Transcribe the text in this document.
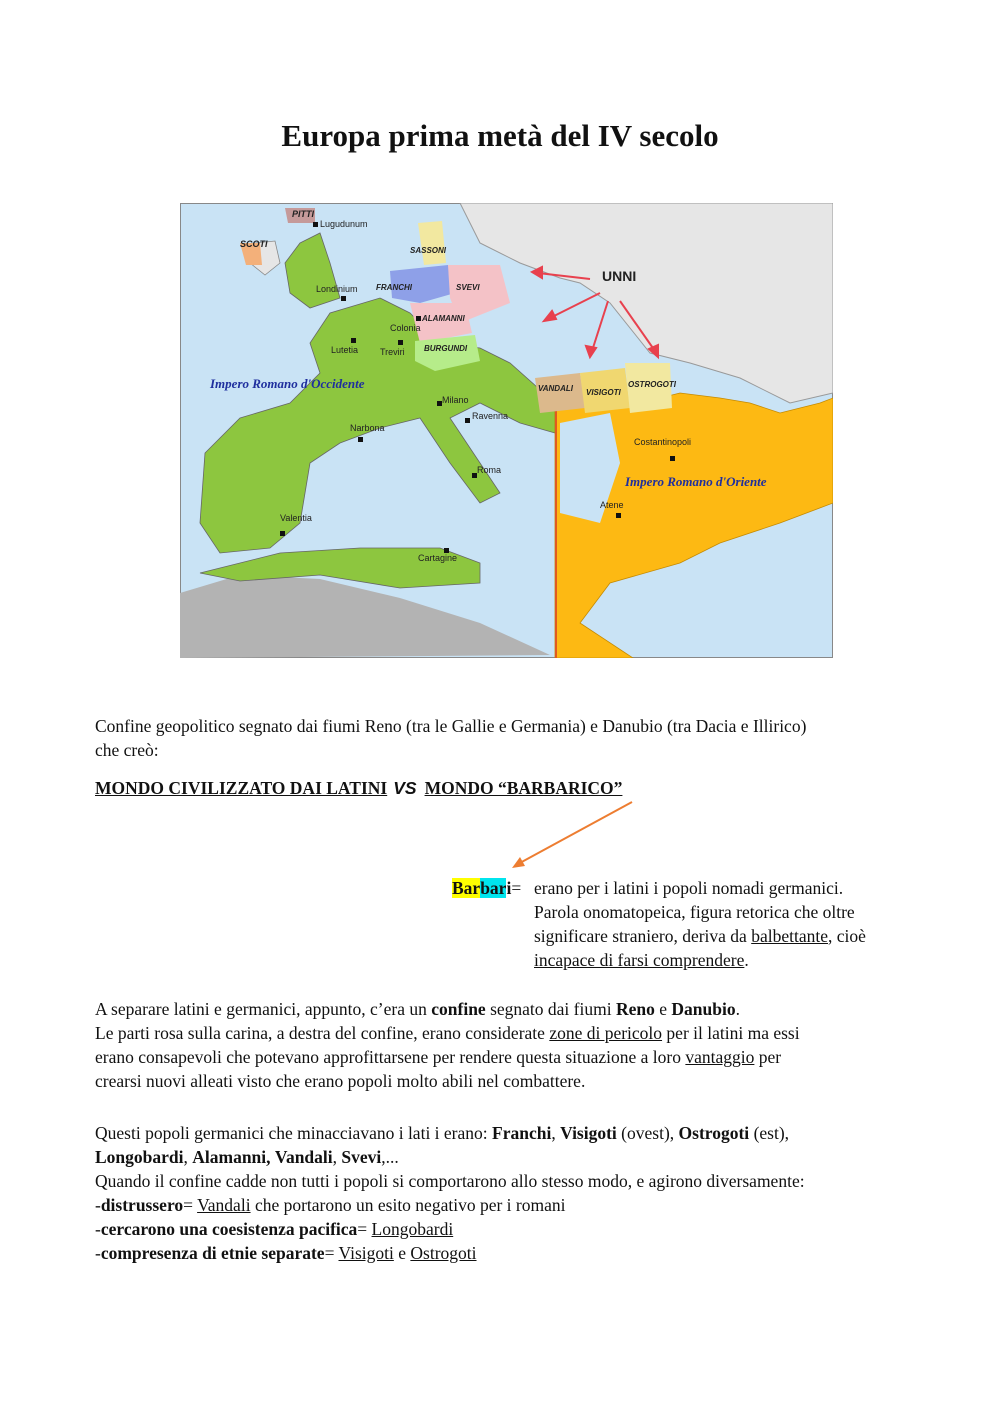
Europa prima metà del IV secolo
PITTI
SCOTI
SASSONI
FRANCHI	SVEVI
ALAMANNI
BURGUNDI
UNNI
VANDALI VISIGOTI
OSTROGOTI
Lugudunum
Londinium
Colonia
Lutetia Treviri
Milano
Ravenna
Narbona
Roma
Valentia
Cartagine
Costantinopoli
Atene
Impero Romano d'Occidente
Impero Romano d'Oriente
Confine geopolitico segnato dai fiumi Reno (tra le Gallie e Germania) e Danubio (tra Dacia e Illirico)
che creò:
MONDO CIVILIZZATO DAI LATINI VS MONDO “BARBARICO”
Barbari= erano per i latini i popoli nomadi germanici.
Parola onomatopeica, figura retorica che oltre
significare straniero, deriva da balbettante, cioè
incapace di farsi comprendere.
A separare latini e germanici, appunto, c’era un confine segnato dai fiumi Reno e Danubio.
Le parti rosa sulla carina, a destra del confine, erano considerate zone di pericolo per il latini ma essi
erano consapevoli che potevano approfittarsene per rendere questa situazione a loro vantaggio per
crearsi nuovi alleati visto che erano popoli molto abili nel combattere.
Questi popoli germanici che minacciavano i lati i erano: Franchi, Visigoti (ovest), Ostrogoti (est),
Longobardi, Alamanni, Vandali, Svevi,...
Quando il confine cadde non tutti i popoli si comportarono allo stesso modo, e agirono diversamente:
-distrussero= Vandali che portarono un esito negativo per i romani
-cercarono una coesistenza pacifica= Longobardi
-compresenza di etnie separate= Visigoti e Ostrogoti
